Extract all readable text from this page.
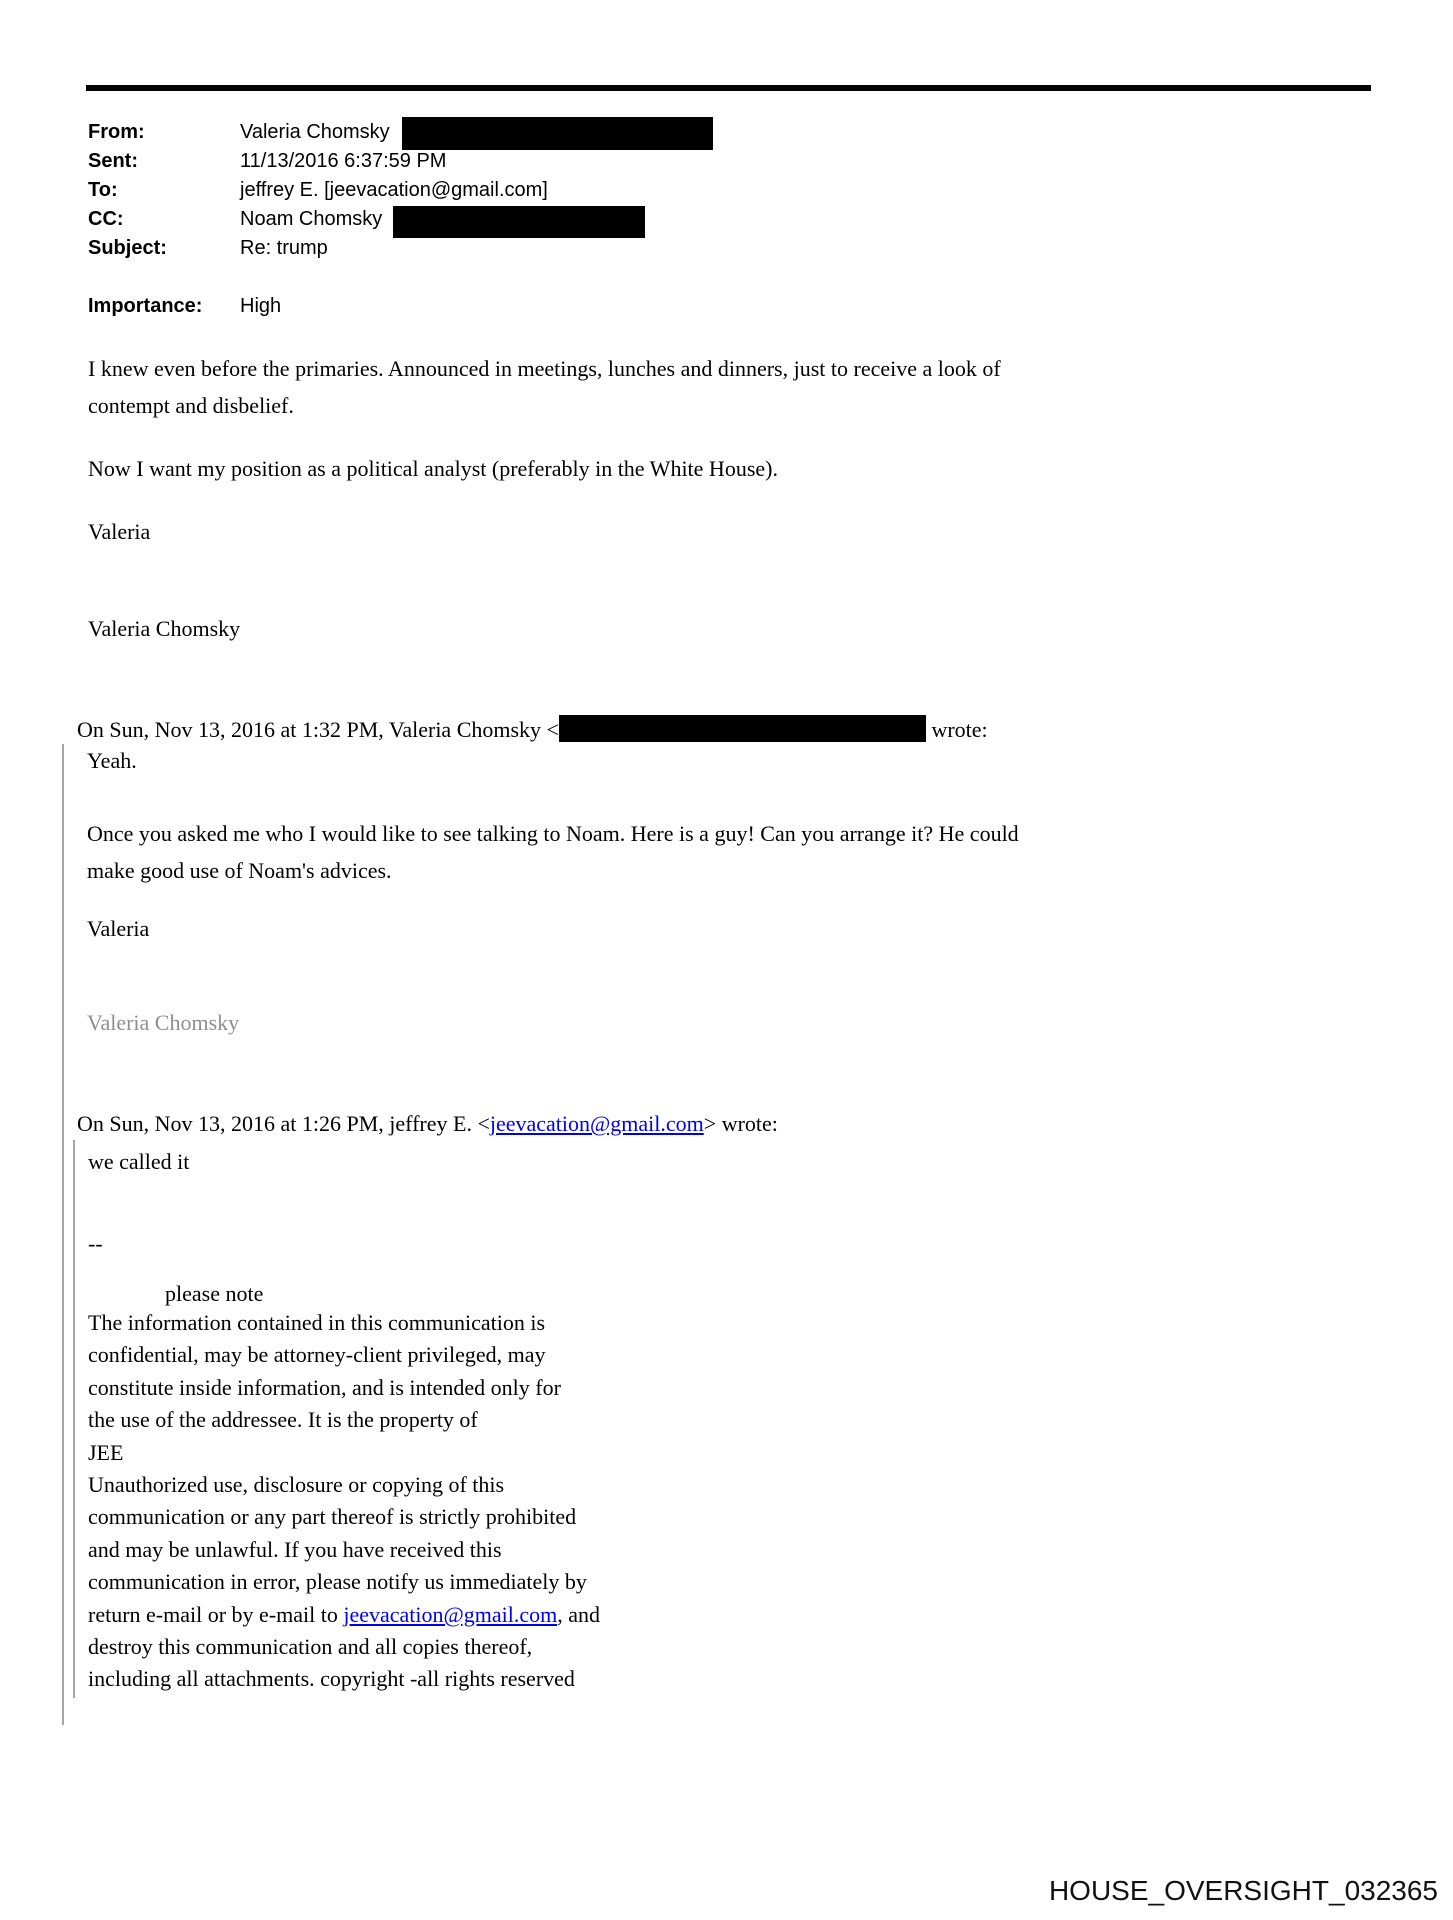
From:	Valeria Chomsky
Sent:	11/13/2016 6:37:59 PM
To:	jeffrey E. [jeevacation@gmail.com]
CC:	Noam Chomsky
Subject:	Re: trump
Importance: High
I knew even before the primaries. Announced in meetings, lunches and dinners, just to receive a look of
contempt and disbelief.
Now I want my position as a political analyst (preferably in the White House).
Valeria
Valeria Chomsky
On Sun, Nov 13, 2016 at 1:32 PM, Valeria Chomsky <	wrote:
Yeah.
Once you asked me who I would like to see talking to Noam. Here is a guy! Can you arrange it? He could
make good use of Noam's advices.
Valeria
Valeria Chomsky
On Sun, Nov 13, 2016 at 1:26 PM, jeffrey E. <jeevacation@gmail.com> wrote:
we called it
--
please note
The information contained in this communication is
confidential, may be attorney-client privileged, may
constitute inside information, and is intended only for
the use of the addressee. It is the property of
JEE
Unauthorized use, disclosure or copying of this
communication or any part thereof is strictly prohibited
and may be unlawful. If you have received this
communication in error, please notify us immediately by
return e-mail or by e-mail to jeevacation@gmail.com, and
destroy this communication and all copies thereof,
including all attachments. copyright -all rights reserved
HOUSE_OVERSIGHT_032365
